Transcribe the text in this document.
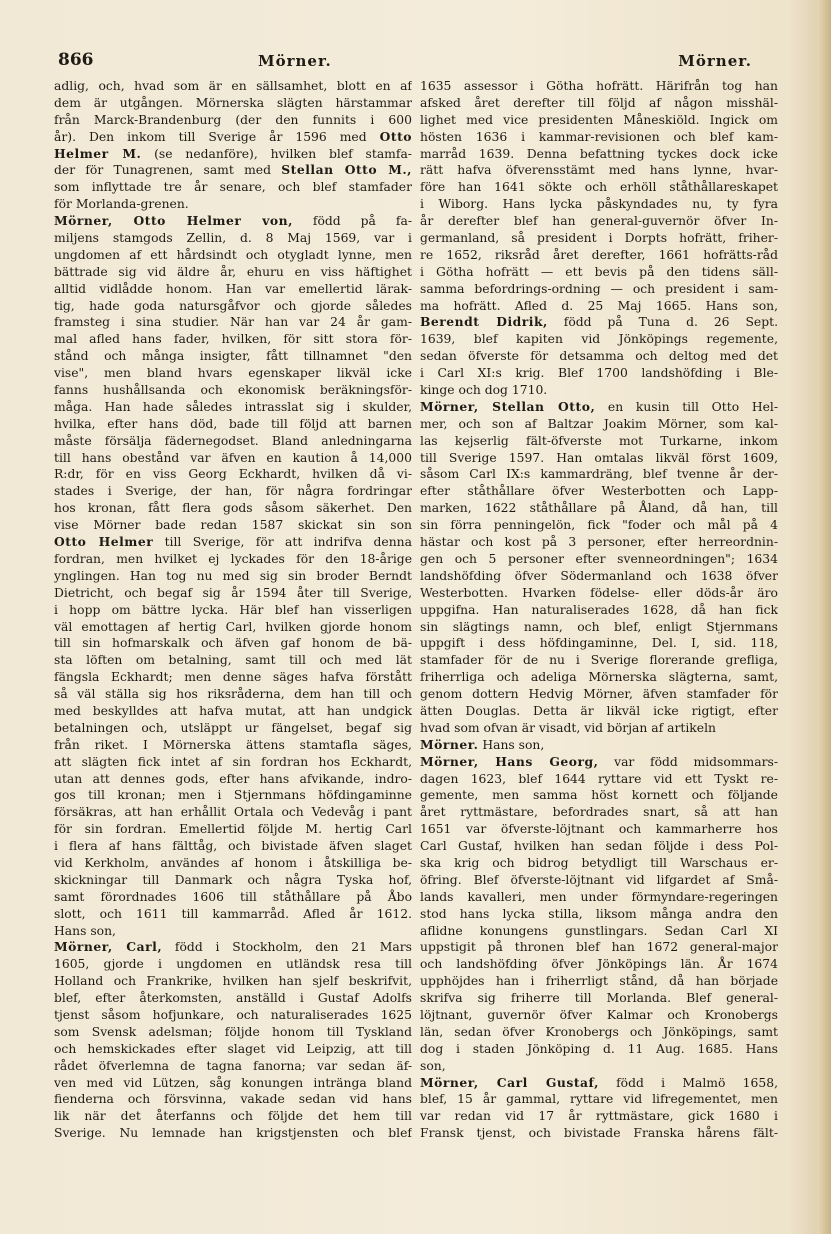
866	Mörner.	Mörner.
adlig, och, hvad som är en sällsamhet, blott en af
dem är utgången. Mörnerska slägten härstammar
från Marck-Brandenburg (der den funnits i 600
år). Den inkom till Sverige år 1596 med Otto
Helmer M. (se nedanföre), hvilken blef stamfa-
der för Tunagrenen, samt med Stellan Otto M.,
som inflyttade tre år senare, och blef stamfader
för Morlanda-grenen.
Mörner, Otto Helmer von, född på fa-
miljens stamgods Zellin, d. 8 Maj 1569, var i
ungdomen af ett hårdsindt och otygladt lynne, men
bättrade sig vid äldre år, ehuru en viss häftighet
alltid vidlådde honom. Han var emellertid lärak-
tig, hade goda natursgåfvor och gjorde således
framsteg i sina studier. När han var 24 år gam-
mal afled hans fader, hvilken, för sitt stora för-
stånd och många insigter, fått tillnamnet "den
vise", men bland hvars egenskaper likväl icke
fanns hushållsanda och ekonomisk beräkningsför-
måga. Han hade således intrasslat sig i skulder,
hvilka, efter hans död, bade till följd att barnen
måste försälja fädernegodset. Bland anledningarna
till hans obestånd var äfven en kaution å 14,000
R:dr, för en viss Georg Eckhardt, hvilken då vi-
stades i Sverige, der han, för några fordringar
hos kronan, fått flera gods såsom säkerhet. Den
vise Mörner bade redan 1587 skickat sin son
Otto Helmer till Sverige, för att indrifva denna
fordran, men hvilket ej lyckades för den 18-årige
ynglingen. Han tog nu med sig sin broder Berndt
Dietricht, och begaf sig år 1594 åter till Sverige,
i hopp om bättre lycka. Här blef han visserligen
väl emottagen af hertig Carl, hvilken gjorde honom
till sin hofmarskalk och äfven gaf honom de bä-
sta löften om betalning, samt till och med lät
fängsla Eckhardt; men denne säges hafva förstått
så väl ställa sig hos riksråderna, dem han till och
med beskylldes att hafva mutat, att han undgick
betalningen och, utsläppt ur fängelset, begaf sig
från riket. I Mörnerska ättens stamtafla säges,
att slägten fick intet af sin fordran hos Eckhardt,
utan att dennes gods, efter hans afvikande, indro-
gos till kronan; men i Stjernmans höfdingaminne
försäkras, att han erhållit Ortala och Vedevåg i pant
för sin fordran. Emellertid följde M. hertig Carl
i flera af hans fälttåg, och bivistade äfven slaget
vid Kerkholm, användes af honom i åtskilliga be-
skickningar till Danmark och några Tyska hof,
samt förordnades 1606 till ståthållare på Åbo
slott, och 1611 till kammarråd. Afled år 1612.
Hans son,
Mörner, Carl, född i Stockholm, den 21 Mars
1605, gjorde i ungdomen en utländsk resa till
Holland och Frankrike, hvilken han sjelf beskrifvit,
blef, efter återkomsten, anställd i Gustaf Adolfs
tjenst såsom hofjunkare, och naturaliserades 1625
som Svensk adelsman; följde honom till Tyskland
och hemskickades efter slaget vid Leipzig, att till
rådet öfverlemna de tagna fanorna; var sedan äf-
ven med vid Lützen, såg konungen intränga bland
fienderna och försvinna, vakade sedan vid hans
lik när det återfanns och följde det hem till
Sverige. Nu lemnade han krigstjensten och blef
1635 assessor i Götha hofrätt. Härifrån tog han
afsked året derefter till följd af någon misshäl-
lighet med vice presidenten Måneskiöld. Ingick om
hösten 1636 i kammar-revisionen och blef kam-
marråd 1639. Denna befattning tyckes dock icke
rätt hafva öfverensstämt med hans lynne, hvar-
före han 1641 sökte och erhöll ståthållareskapet
i Wiborg. Hans lycka påskyndades nu, ty fyra
år derefter blef han general-guvernör öfver In-
germanland, så president i Dorpts hofrätt, friher-
re 1652, riksråd året derefter, 1661 hofrätts-råd
i Götha hofrätt — ett bevis på den tidens säll-
samma befordrings-ordning — och president i sam-
ma hofrätt. Afled d. 25 Maj 1665. Hans son,
Berendt Didrik, född på Tuna d. 26 Sept.
1639, blef kapiten vid Jönköpings regemente,
sedan öfverste för detsamma och deltog med det
i Carl XI:s krig. Blef 1700 landshöfding i Ble-
kinge och dog 1710.
Mörner, Stellan Otto, en kusin till Otto Hel-
mer, och son af Baltzar Joakim Mörner, som kal-
las kejserlig fält-öfverste mot Turkarne, inkom
till Sverige 1597. Han omtalas likväl först 1609,
såsom Carl IX:s kammardräng, blef tvenne år der-
efter ståthållare öfver Westerbotten och Lapp-
marken, 1622 ståthållare på Åland, då han, till
sin förra penningelön, fick "foder och mål på 4
hästar och kost på 3 personer, efter herreordnin-
gen och 5 personer efter svenneordningen"; 1634
landshöfding öfver Södermanland och 1638 öfver
Westerbotten. Hvarken födelse- eller döds-år äro
uppgifna. Han naturaliserades 1628, då han fick
sin slägtings namn, och blef, enligt Stjernmans
uppgift i dess höfdingaminne, Del. I, sid. 118,
stamfader för de nu i Sverige florerande grefliga,
friherrliga och adeliga Mörnerska slägterna, samt,
genom dottern Hedvig Mörner, äfven stamfader för
ätten Douglas. Detta är likväl icke rigtigt, efter
hvad som ofvan är visadt, vid början af artikeln
Mörner. Hans son,
Mörner, Hans Georg, var född midsommars-
dagen 1623, blef 1644 ryttare vid ett Tyskt re-
gemente, men samma höst kornett och följande
året ryttmästare, befordrades snart, så att han
1651 var öfverste-löjtnant och kammarherre hos
Carl Gustaf, hvilken han sedan följde i dess Pol-
ska krig och bidrog betydligt till Warschaus er-
öfring. Blef öfverste-löjtnant vid lifgardet af Små-
lands kavalleri, men under förmyndare-regeringen
stod hans lycka stilla, liksom många andra den
aflidne konungens gunstlingars. Sedan Carl XI
uppstigit på thronen blef han 1672 general-major
och landshöfding öfver Jönköpings län. År 1674
upphöjdes han i friherrligt stånd, då han började
skrifva sig friherre till Morlanda. Blef general-
löjtnant, guvernör öfver Kalmar och Kronobergs
län, sedan öfver Kronobergs och Jönköpings, samt
dog i staden Jönköping d. 11 Aug. 1685. Hans
son,
Mörner, Carl Gustaf, född i Malmö 1658,
blef, 15 år gammal, ryttare vid lifregementet, men
var redan vid 17 år ryttmästare, gick 1680 i
Fransk tjenst, och bivistade Franska hårens fält-
